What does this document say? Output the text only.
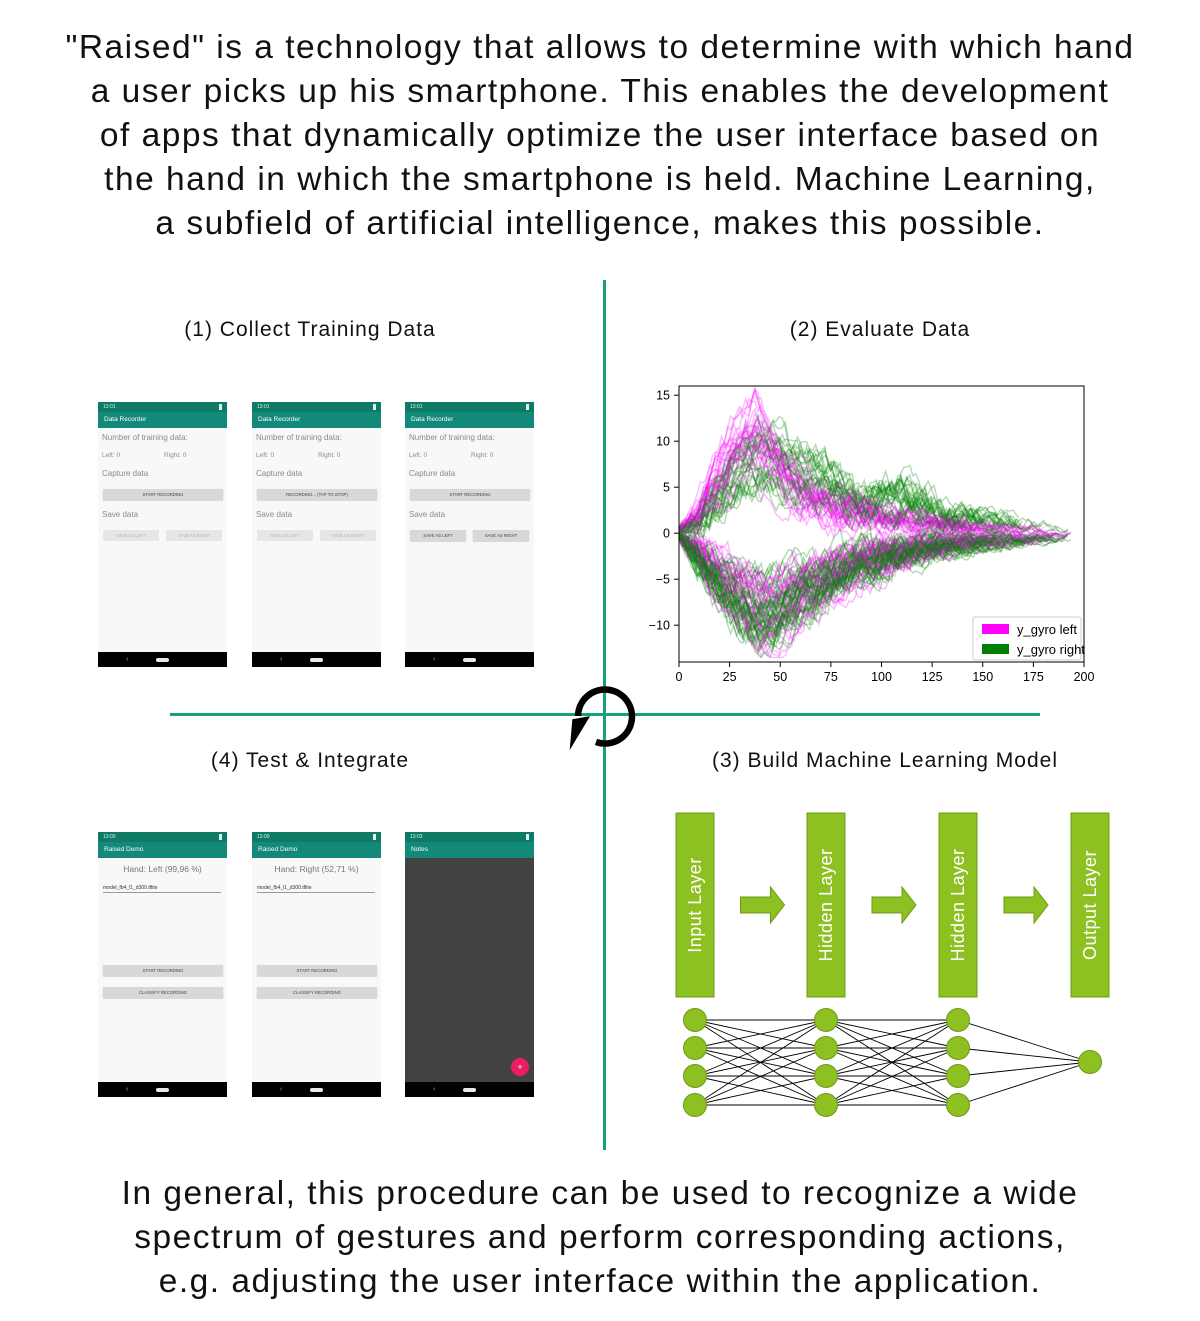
"Raised" is a technology that allows to determine with which hand
a user picks up his smartphone. This enables the development
of apps that dynamically optimize the user interface based on
the hand in which the smartphone is held. Machine Learning,
a subfield of artificial intelligence, makes this possible.
(1) Collect Training Data	(2) Evaluate Data
(4) Test & Integrate	(3) Build Machine Learning Model
13:01
Data Recorder
Number of training data:
Left: 0	Right: 0
Capture data
START RECORDING
Save data
SAVE AS LEFT	SAVE AS RIGHT
‹
13:01
Data Recorder
Number of training data:
Left: 0	Right: 0
Capture data
RECORDING... (TAP TO STOP)
Save data
SAVE AS LEFT	SAVE AS RIGHT
‹
13:01
Data Recorder
Number of training data:
Left: 0	Right: 0
Capture data
START RECORDING
Save data
SAVE AS LEFT	SAVE AS RIGHT
‹
13:00
Raised Demo
Hand: Left (99,96 %)
model_fb4_l1_d300.tflite
START RECORDING
CLASSIFY RECORDING
‹
13:00
Raised Demo
Hand: Right (52,71 %)
model_fb4_l1_d300.tflite
START RECORDING
CLASSIFY RECORDING
‹
13:03
Notes
+
‹
0	25	50	75	100 125 150 175 200
−10
−5
0
5
10
15
y_gyro left
y_gyro right
Input Layer	Hidden Layer	Hidden Layer	Output Layer
In general, this procedure can be used to recognize a wide
spectrum of gestures and perform corresponding actions,
e.g. adjusting the user interface within the application.
